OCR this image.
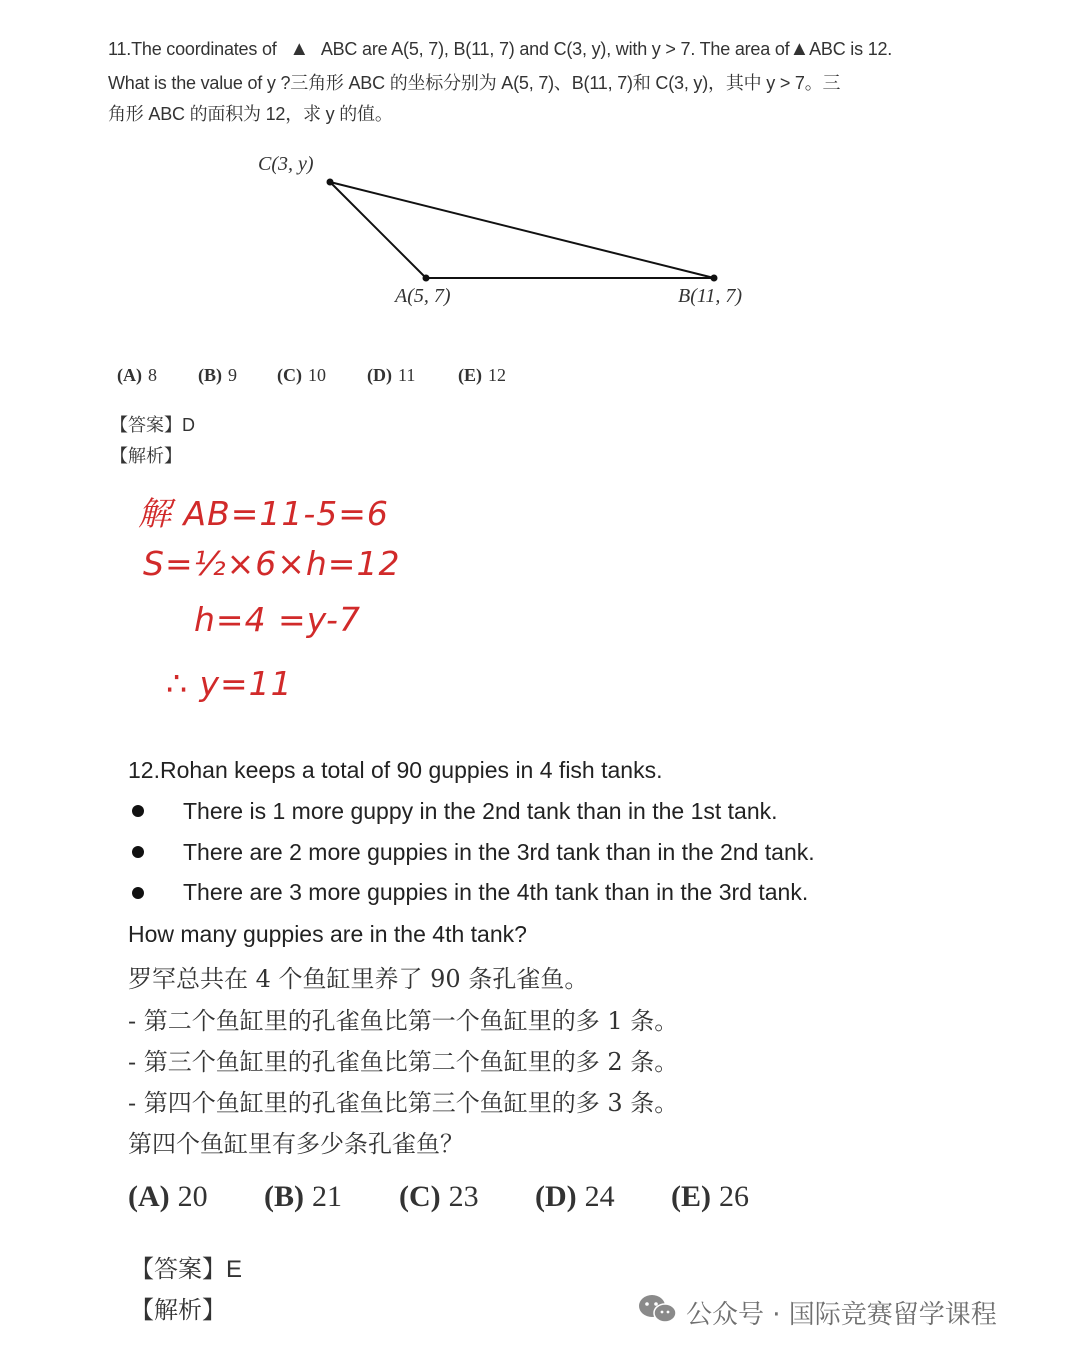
11.The coordinates of ▲ ABC are A(5, 7), B(11, 7) and C(3, y), with y > 7. The area of▲ABC is 12.
What is the value of y ?三角形 ABC 的坐标分别为 A(5, 7)、B(11, 7)和 C(3, y)，其中 y > 7。三
角形 ABC 的面积为 12，求 y 的值。
C(3, y)
A(5, 7)	B(11, 7)
(A) 8 (B) 9 (C) 10 (D) 11 (E) 12
【答案】D
【解析】
解 AB=11-5=6
S=½×6×h=12
h=4 =y-7
∴ y=11
12.Rohan keeps a total of 90 guppies in 4 fish tanks.
There is 1 more guppy in the 2nd tank than in the 1st tank.
There are 2 more guppies in the 3rd tank than in the 2nd tank.
There are 3 more guppies in the 4th tank than in the 3rd tank.
How many guppies are in the 4th tank?
罗罕总共在 4 个鱼缸里养了 90 条孔雀鱼。
- 第二个鱼缸里的孔雀鱼比第一个鱼缸里的多 1 条。
- 第三个鱼缸里的孔雀鱼比第二个鱼缸里的多 2 条。
- 第四个鱼缸里的孔雀鱼比第三个鱼缸里的多 3 条。
第四个鱼缸里有多少条孔雀鱼？
(A) 20 (B) 21 (C) 23 (D) 24 (E) 26
【答案】E
【解析】	公众号 · 国际竞赛留学课程
